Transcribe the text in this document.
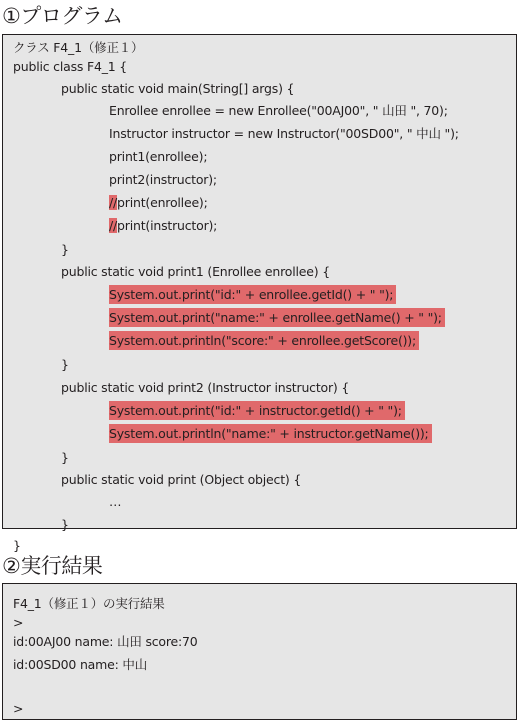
①プログラム
クラス F4_1（修正１）
public class F4_1 {
public static void main(String[] args) {
Enrollee enrollee = new Enrollee("00AJ00", " 山田 ", 70);
Instructor instructor = new Instructor("00SD00", " 中山 ");
print1(enrollee);
print2(instructor);
//print(enrollee);
//print(instructor);
}
public static void print1 (Enrollee enrollee) {
System.out.print("id:" + enrollee.getId() + " ");
System.out.print("name:" + enrollee.getName() + " ");
System.out.println("score:" + enrollee.getScore());
}
public static void print2 (Instructor instructor) {
System.out.print("id:" + instructor.getId() + " ");
System.out.println("name:" + instructor.getName());
}
public static void print (Object object) {
…
}
}
②実行結果
F4_1（修正１）の実行結果
>
id:00AJ00 name: 山田 score:70
id:00SD00 name: 中山
>
